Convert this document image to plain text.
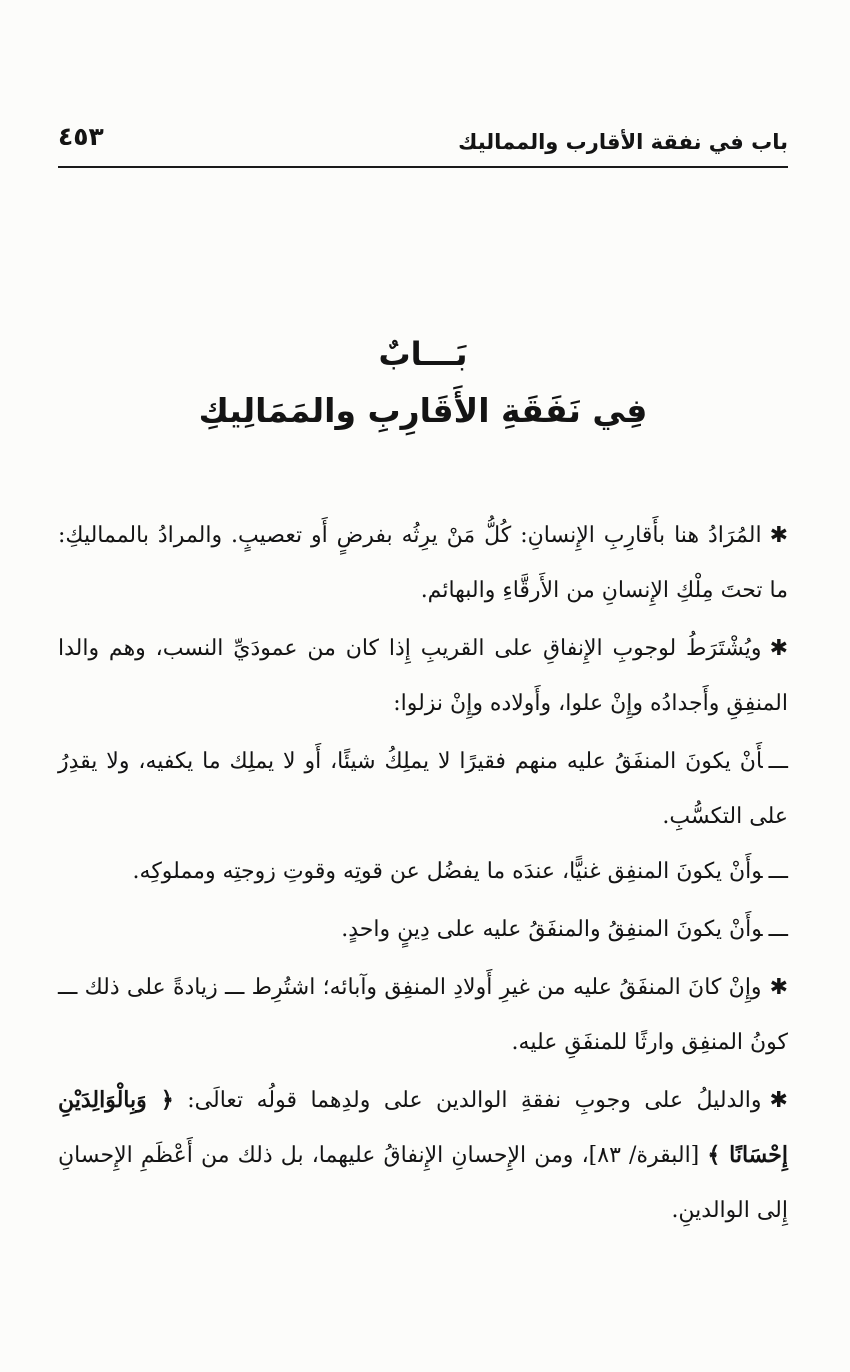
باب في نفقة الأقارب والمماليك
٤٥٣
بَـــابٌ
فِي نَفَقَةِ الأَقَارِبِ والمَمَالِيكِ

✱المُرَادُ هنا بأَقارِبِ الإِنسانِ: كُلُّ مَنْ يرِثُه بفرضٍ أَو تعصيبٍ. والمرادُ بالمماليكِ: ما تحتَ مِلْكِ الإِنسانِ من الأَرقَّاءِ والبهائم.

✱ويُشْتَرَطُ لوجوبِ الإِنفاقِ على القريبِ إِذا كان من عمودَيِّ النسب، وهم والدا المنفِقِ وأَجدادُه وإِنْ علوا، وأَولاده وإِنْ نزلوا:

ـــأَنْ يكونَ المنفَقُ عليه منهم فقيرًا لا يملِكُ شيئًا، أَو لا يملِك ما يكفيه، ولا يقدِرُ على التكسُّبِ.

ـــوأَنْ يكونَ المنفِق غنيًّا، عندَه ما يفضُل عن قوتِه وقوتِ زوجتِه ومملوكِه.

ـــوأَنْ يكونَ المنفِقُ والمنفَقُ عليه على دِينٍ واحدٍ.

✱وإِنْ كانَ المنفَقُ عليه من غيرِ أَولادِ المنفِق وآبائه؛ اشتُرِط ـــ زيادةً على ذلك ـــ كونُ المنفِق وارثًا للمنفَقِ عليه.

✱والدليلُ على وجوبِ نفقةِ الوالدين على ولدِهما قولُه تعالَى: ﴿ وَبِالْوَالِدَيْنِ إِحْسَانًا ﴾ [البقرة/ ٨٣]، ومن الإِحسانِ الإِنفاقُ عليهما، بل ذلك من أَعْظَمِ الإِحسانِ إِلى الوالدينِ.
